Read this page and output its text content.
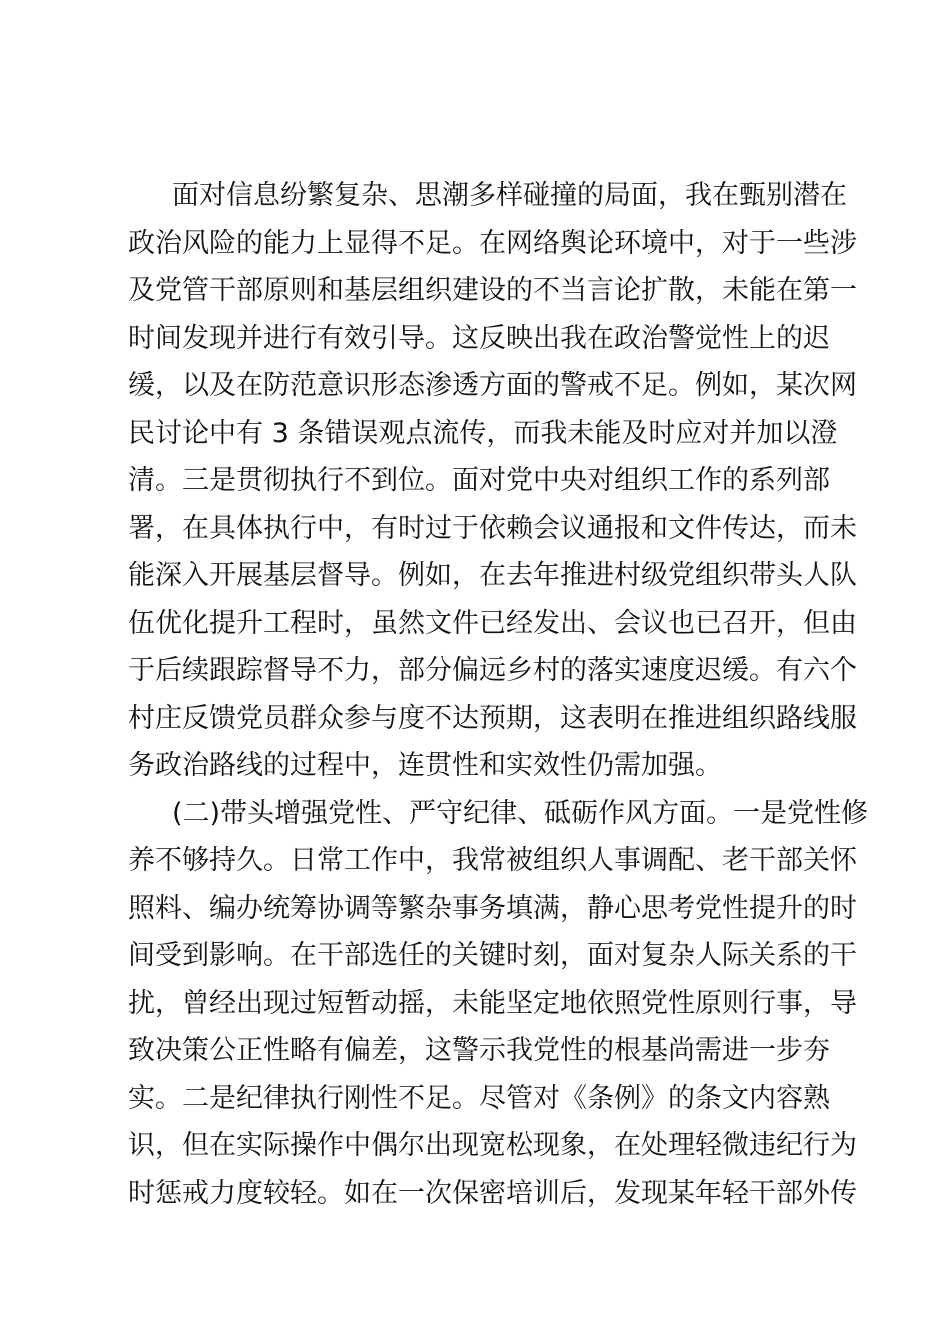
面对信息纷繁复杂、思潮多样碰撞的局面，我在甄别潜在
政治风险的能力上显得不足。在网络舆论环境中，对于一些涉
及党管干部原则和基层组织建设的不当言论扩散，未能在第一
时间发现并进行有效引导。这反映出我在政治警觉性上的迟
缓，以及在防范意识形态渗透方面的警戒不足。例如，某次网
民讨论中有 3 条错误观点流传，而我未能及时应对并加以澄
清。三是贯彻执行不到位。面对党中央对组织工作的系列部
署，在具体执行中，有时过于依赖会议通报和文件传达，而未
能深入开展基层督导。例如，在去年推进村级党组织带头人队
伍优化提升工程时，虽然文件已经发出、会议也已召开，但由
于后续跟踪督导不力，部分偏远乡村的落实速度迟缓。有六个
村庄反馈党员群众参与度不达预期，这表明在推进组织路线服
务政治路线的过程中，连贯性和实效性仍需加强。
(二)带头增强党性、严守纪律、砥砺作风方面。一是党性修
养不够持久。日常工作中，我常被组织人事调配、老干部关怀
照料、编办统筹协调等繁杂事务填满，静心思考党性提升的时
间受到影响。在干部选任的关键时刻，面对复杂人际关系的干
扰，曾经出现过短暂动摇，未能坚定地依照党性原则行事，导
致决策公正性略有偏差，这警示我党性的根基尚需进一步夯
实。二是纪律执行刚性不足。尽管对《条例》的条文内容熟
识，但在实际操作中偶尔出现宽松现象，在处理轻微违纪行为
时惩戒力度较轻。如在一次保密培训后，发现某年轻干部外传
